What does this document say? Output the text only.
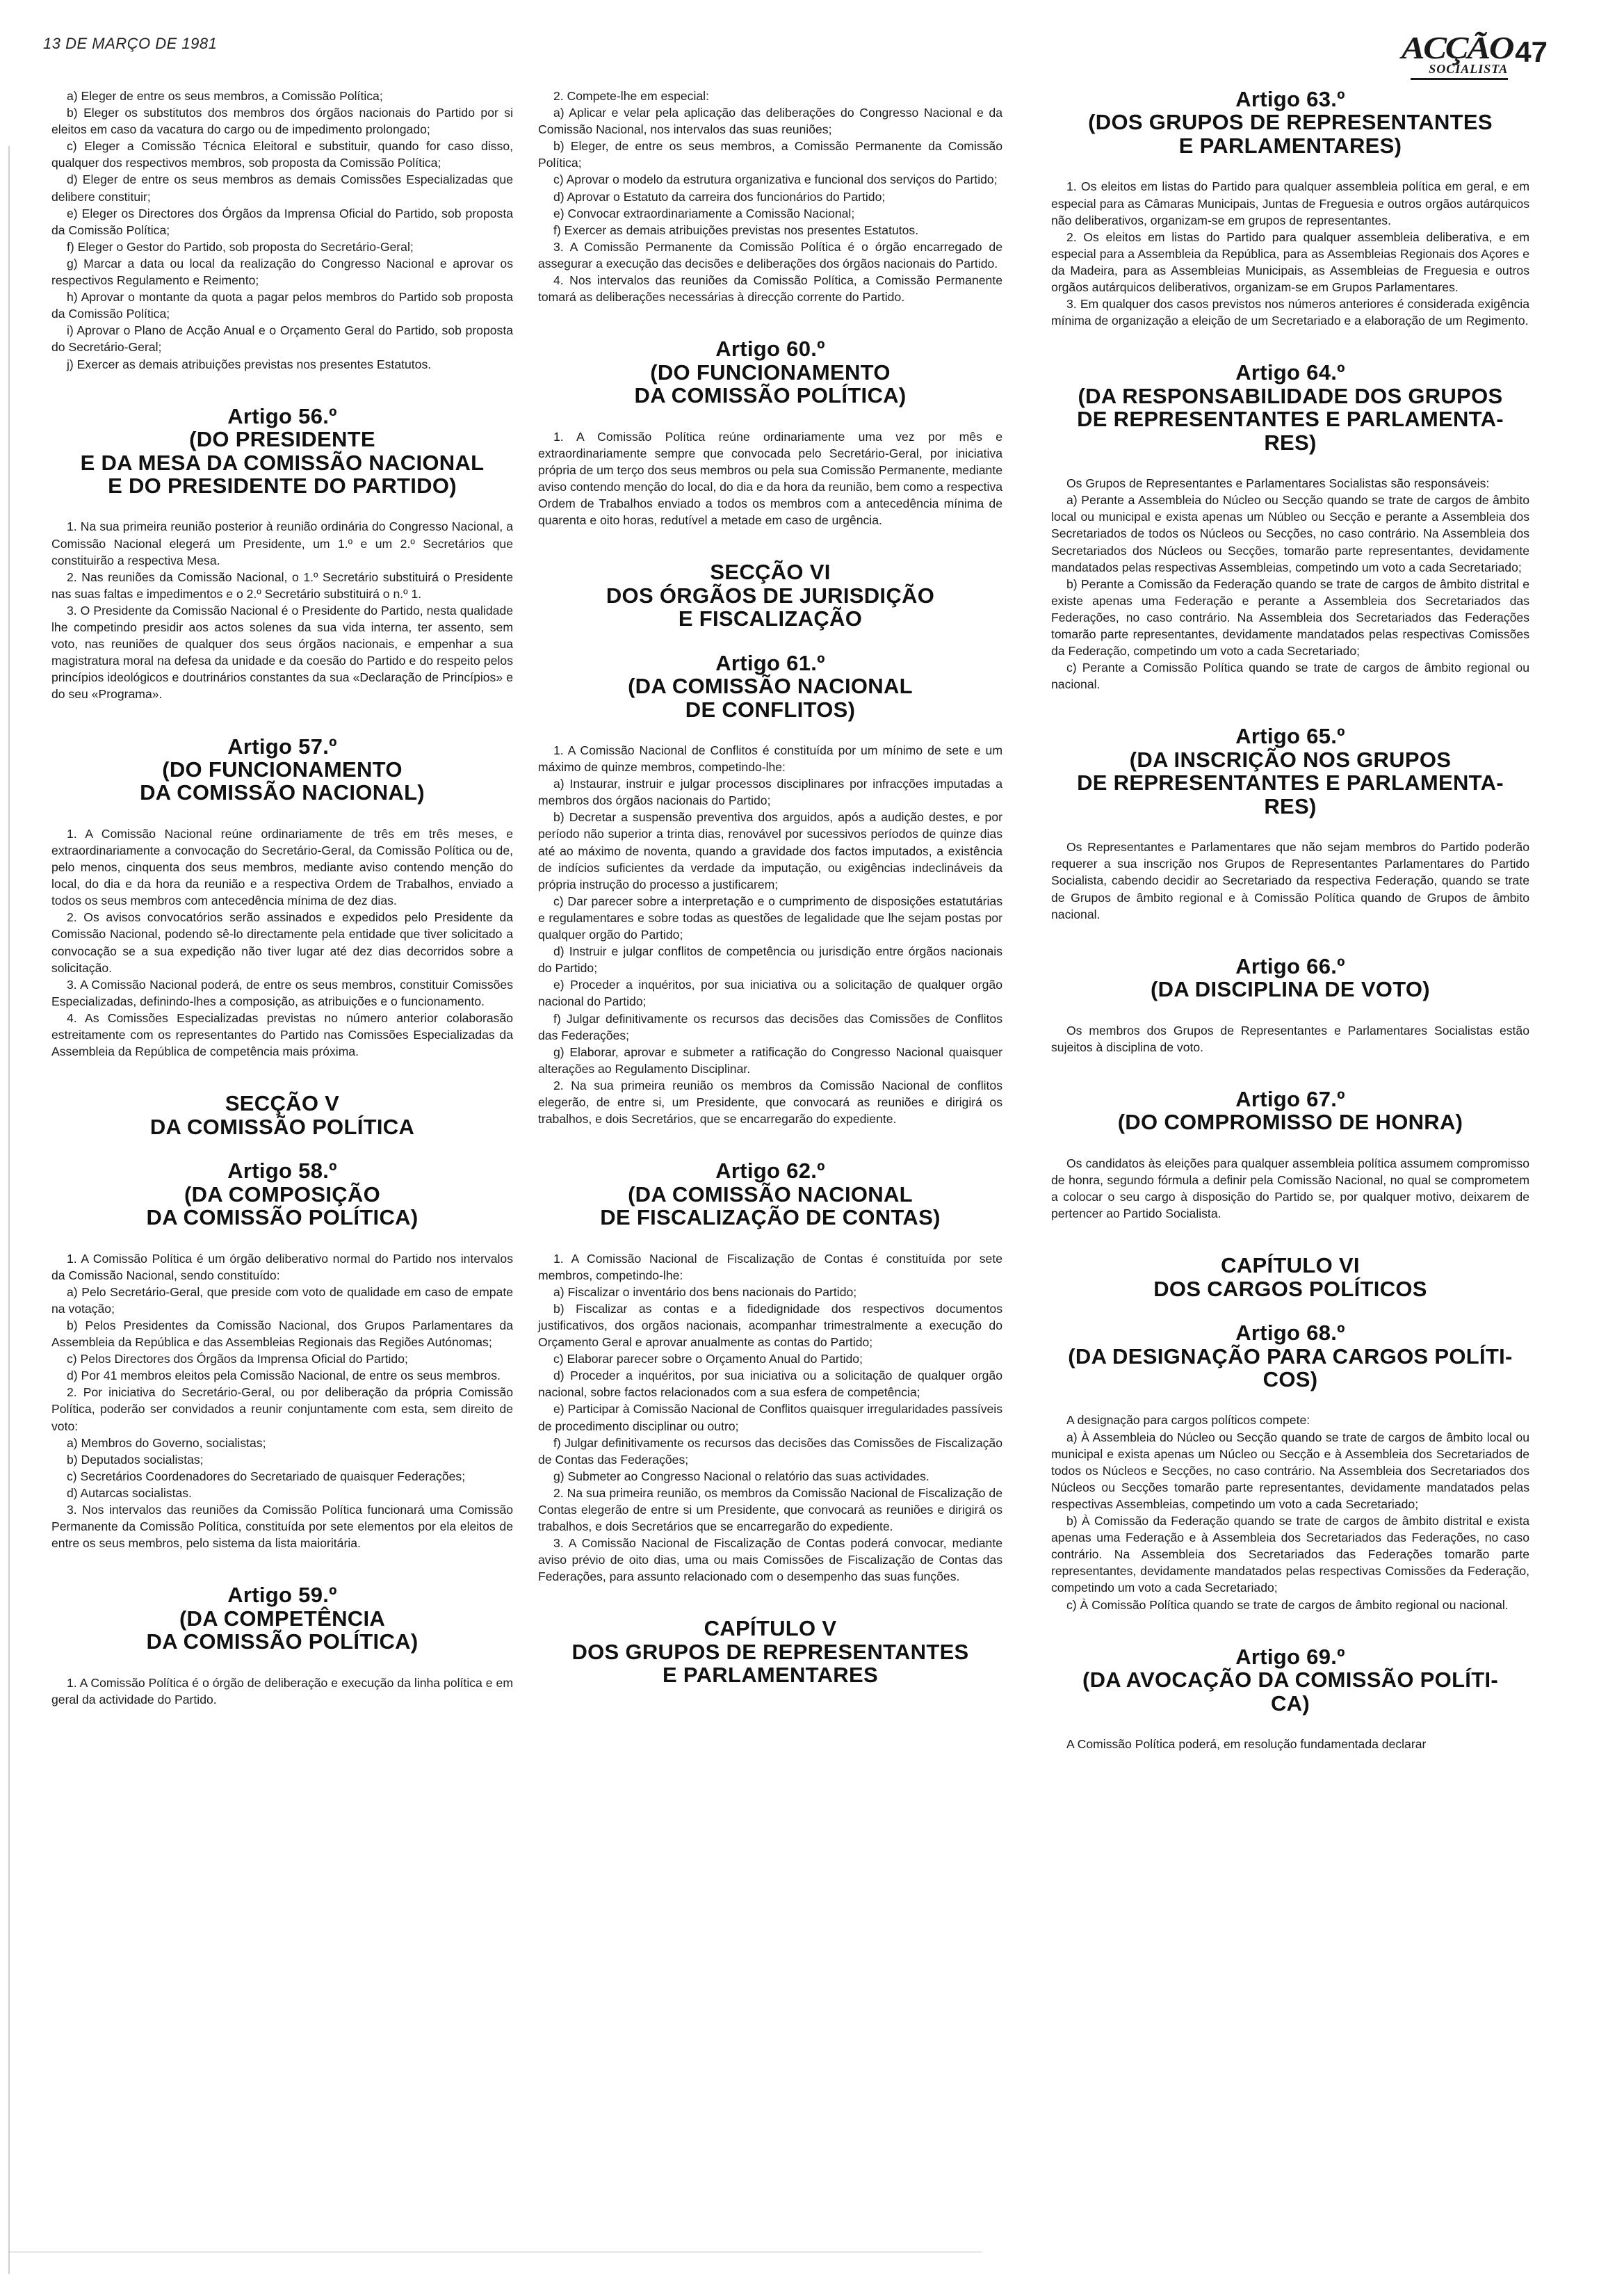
13 DE MARÇO DE 1981	ACÇÃO
SOCIALISTA
47

a) Eleger de entre os seus membros, a Comissão Política;

b) Eleger os substitutos dos membros dos órgãos nacionais do Partido por si eleitos em caso da vacatura do cargo ou de impedimento prolongado;

c) Eleger a Comissão Técnica Eleitoral e substituir, quando for caso disso, qualquer dos respectivos membros, sob proposta da Comissão Política;

d) Eleger de entre os seus membros as demais Comissões Especializadas que delibere constituir;

e) Eleger os Directores dos Órgãos da Imprensa Oficial do Partido, sob proposta da Comissão Política;

f) Eleger o Gestor do Partido, sob proposta do Secretário-Geral;

g) Marcar a data ou local da realização do Congresso Nacional e aprovar os respectivos Regulamento e Reimento;

h) Aprovar o montante da quota a pagar pelos membros do Partido sob proposta da Comissão Política;

i) Aprovar o Plano de Acção Anual e o Orçamento Geral do Partido, sob proposta do Secretário-Geral;

j) Exercer as demais atribuições previstas nos presentes Estatutos.

Artigo 56.º
(DO PRESIDENTE
E DA MESA DA COMISSÃO NACIONAL
E DO PRESIDENTE DO PARTIDO)

1. Na sua primeira reunião posterior à reunião ordinária do Congresso Nacional, a Comissão Nacional elegerá um Presidente, um 1.º e um 2.º Secretários que constituirão a respectiva Mesa.

2. Nas reuniões da Comissão Nacional, o 1.º Secretário substituirá o Presidente nas suas faltas e impedimentos e o 2.º Secretário substituirá o n.º 1.

3. O Presidente da Comissão Nacional é o Presidente do Partido, nesta qualidade lhe competindo presidir aos actos solenes da sua vida interna, ter assento, sem voto, nas reuniões de qualquer dos seus órgãos nacionais, e empenhar a sua magistratura moral na defesa da unidade e da coesão do Partido e do respeito pelos princípios ideológicos e doutrinários constantes da sua «Declaração de Princípios» e do seu «Programa».

Artigo 57.º
(DO FUNCIONAMENTO
DA COMISSÃO NACIONAL)

1. A Comissão Nacional reúne ordinariamente de três em três meses, e extraordinariamente a convocação do Secretário-Geral, da Comissão Política ou de, pelo menos, cinquenta dos seus membros, mediante aviso contendo menção do local, do dia e da hora da reunião e a respectiva Ordem de Trabalhos, enviado a todos os seus membros com antecedência mínima de dez dias.

2. Os avisos convocatórios serão assinados e expedidos pelo Presidente da Comissão Nacional, podendo sê-lo directamente pela entidade que tiver solicitado a convocação se a sua expedição não tiver lugar até dez dias decorridos sobre a solicitação.

3. A Comissão Nacional poderá, de entre os seus membros, constituir Comissões Especializadas, definindo-lhes a composição, as atribuições e o funcionamento.

4. As Comissões Especializadas previstas no número anterior colaborasão estreitamente com os representantes do Partido nas Comissões Especializadas da Assembleia da República de competência mais próxima.

SECÇÃO V
DA COMISSÃO POLÍTICA
Artigo 58.º
(DA COMPOSIÇÃO
DA COMISSÃO POLÍTICA)

1. A Comissão Política é um órgão deliberativo normal do Partido nos intervalos da Comissão Nacional, sendo constituído:

a) Pelo Secretário-Geral, que preside com voto de qualidade em caso de empate na votação;

b) Pelos Presidentes da Comissão Nacional, dos Grupos Parlamentares da Assembleia da República e das Assembleias Regionais das Regiões Autónomas;

c) Pelos Directores dos Órgãos da Imprensa Oficial do Partido;

d) Por 41 membros eleitos pela Comissão Nacional, de entre os seus membros.

2. Por iniciativa do Secretário-Geral, ou por deliberação da própria Comissão Política, poderão ser convidados a reunir conjuntamente com esta, sem direito de voto:

a) Membros do Governo, socialistas;

b) Deputados socialistas;

c) Secretários Coordenadores do Secretariado de quaisquer Federações;

d) Autarcas socialistas.

3. Nos intervalos das reuniões da Comissão Política funcionará uma Comissão Permanente da Comissão Política, constituída por sete elementos por ela eleitos de entre os seus membros, pelo sistema da lista maioritária.

Artigo 59.º
(DA COMPETÊNCIA
DA COMISSÃO POLÍTICA)

1. A Comissão Política é o órgão de deliberação e execução da linha política e em geral da actividade do Partido.

2. Compete-lhe em especial:

a) Aplicar e velar pela aplicação das deliberações do Congresso Nacional e da Comissão Nacional, nos intervalos das suas reuniões;

b) Eleger, de entre os seus membros, a Comissão Permanente da Comissão Política;

c) Aprovar o modelo da estrutura organizativa e funcional dos serviços do Partido;

d) Aprovar o Estatuto da carreira dos funcionários do Partido;

e) Convocar extraordinariamente a Comissão Nacional;

f) Exercer as demais atribuições previstas nos presentes Estatutos.

3. A Comissão Permanente da Comissão Política é o órgão encarregado de assegurar a execução das decisões e deliberações dos órgãos nacionais do Partido.

4. Nos intervalos das reuniões da Comissão Política, a Comissão Permanente tomará as deliberações necessárias à direcção corrente do Partido.

Artigo 60.º
(DO FUNCIONAMENTO
DA COMISSÃO POLÍTICA)

1. A Comissão Política reúne ordinariamente uma vez por mês e extraordinariamente sempre que convocada pelo Secretário-Geral, por iniciativa própria de um terço dos seus membros ou pela sua Comissão Permanente, mediante aviso contendo menção do local, do dia e da hora da reunião, bem como a respectiva Ordem de Trabalhos enviado a todos os membros com a antecedência mínima de quarenta e oito horas, redutível a metade em caso de urgência.

SECÇÃO VI
DOS ÓRGÃOS DE JURISDIÇÃO
E FISCALIZAÇÃO
Artigo 61.º
(DA COMISSÃO NACIONAL
DE CONFLITOS)

1. A Comissão Nacional de Conflitos é constituída por um mínimo de sete e um máximo de quinze membros, competindo-lhe:

a) Instaurar, instruir e julgar processos disciplinares por infracções imputadas a membros dos órgãos nacionais do Partido;

b) Decretar a suspensão preventiva dos arguidos, após a audição destes, e por período não superior a trinta dias, renovável por sucessivos períodos de quinze dias até ao máximo de noventa, quando a gravidade dos factos imputados, a existência de indícios suficientes da verdade da imputação, ou exigências indeclináveis da própria instrução do processo a justificarem;

c) Dar parecer sobre a interpretação e o cumprimento de disposições estatutárias e regulamentares e sobre todas as questões de legalidade que lhe sejam postas por qualquer orgão do Partido;

d) Instruir e julgar conflitos de competência ou jurisdição entre órgãos nacionais do Partido;

e) Proceder a inquéritos, por sua iniciativa ou a solicitação de qualquer orgão nacional do Partido;

f) Julgar definitivamente os recursos das decisões das Comissões de Conflitos das Federações;

g) Elaborar, aprovar e submeter a ratificação do Congresso Nacional quaisquer alterações ao Regulamento Disciplinar.

2. Na sua primeira reunião os membros da Comissão Nacional de conflitos elegerão, de entre si, um Presidente, que convocará as reuniões e dirigirá os trabalhos, e dois Secretários, que se encarregarão do expediente.

Artigo 62.º
(DA COMISSÃO NACIONAL
DE FISCALIZAÇÃO DE CONTAS)

1. A Comissão Nacional de Fiscalização de Contas é constituída por sete membros, competindo-lhe:

a) Fiscalizar o inventário dos bens nacionais do Partido;

b) Fiscalizar as contas e a fidedignidade dos respectivos documentos justificativos, dos orgãos nacionais, acompanhar trimestralmente a execução do Orçamento Geral e aprovar anualmente as contas do Partido;

c) Elaborar parecer sobre o Orçamento Anual do Partido;

d) Proceder a inquéritos, por sua iniciativa ou a solicitação de qualquer orgão nacional, sobre factos relacionados com a sua esfera de competência;

e) Participar à Comissão Nacional de Conflitos quaisquer irregularidades passíveis de procedimento disciplinar ou outro;

f) Julgar definitivamente os recursos das decisões das Comissões de Fiscalização de Contas das Federações;

g) Submeter ao Congresso Nacional o relatório das suas actividades.

2. Na sua primeira reunião, os membros da Comissão Nacional de Fiscalização de Contas elegerão de entre si um Presidente, que convocará as reuniões e dirigirá os trabalhos, e dois Secretários que se encarregarão do expediente.

3. A Comissão Nacional de Fiscalização de Contas poderá convocar, mediante aviso prévio de oito dias, uma ou mais Comissões de Fiscalização de Contas das Federações, para assunto relacionado com o desempenho das suas funções.

CAPÍTULO V
DOS GRUPOS DE REPRESENTANTES
E PARLAMENTARES
Artigo 63.º
(DOS GRUPOS DE REPRESENTANTES
E PARLAMENTARES)

1. Os eleitos em listas do Partido para qualquer assembleia política em geral, e em especial para as Câmaras Municipais, Juntas de Freguesia e outros orgãos autárquicos não deliberativos, organizam-se em grupos de representantes.

2. Os eleitos em listas do Partido para qualquer assembleia deliberativa, e em especial para a Assembleia da República, para as Assembleias Regionais dos Açores e da Madeira, para as Assembleias Municipais, as Assembleias de Freguesia e outros orgãos autárquicos deliberativos, organizam-se em Grupos Parlamentares.

3. Em qualquer dos casos previstos nos números anteriores é considerada exigência mínima de organização a eleição de um Secretariado e a elaboração de um Regimento.

Artigo 64.º
(DA RESPONSABILIDADE DOS GRUPOS
DE REPRESENTANTES E PARLAMENTA-
RES)

Os Grupos de Representantes e Parlamentares Socialistas são responsáveis:

a) Perante a Assembleia do Núcleo ou Secção quando se trate de cargos de âmbito local ou municipal e exista apenas um Núbleo ou Secção e perante a Assembleia dos Secretariados de todos os Núcleos ou Secções, no caso contrário. Na Assembleia dos Secretariados dos Núcleos ou Secções, tomarão parte representantes, devidamente mandatados pelas respectivas Assembleias, competindo um voto a cada Secretariado;

b) Perante a Comissão da Federação quando se trate de cargos de âmbito distrital e existe apenas uma Federação e perante a Assembleia dos Secretariados das Federações, no caso contrário. Na Assembleia dos Secretariados das Federações tomarão parte representantes, devidamente mandatados pelas respectivas Comissões da Federação, competindo um voto a cada Secretariado;

c) Perante a Comissão Política quando se trate de cargos de âmbito regional ou nacional.

Artigo 65.º
(DA INSCRIÇÃO NOS GRUPOS
DE REPRESENTANTES E PARLAMENTA-
RES)

Os Representantes e Parlamentares que não sejam membros do Partido poderão requerer a sua inscrição nos Grupos de Representantes Parlamentares do Partido Socialista, cabendo decidir ao Secretariado da respectiva Federação, quando se trate de Grupos de âmbito regional e à Comissão Política quando de Grupos de âmbito nacional.

Artigo 66.º
(DA DISCIPLINA DE VOTO)

Os membros dos Grupos de Representantes e Parlamentares Socialistas estão sujeitos à disciplina de voto.

Artigo 67.º
(DO COMPROMISSO DE HONRA)

Os candidatos às eleições para qualquer assembleia política assumem compromisso de honra, segundo fórmula a definir pela Comissão Nacional, no qual se comprometem a colocar o seu cargo à disposição do Partido se, por qualquer motivo, deixarem de pertencer ao Partido Socialista.

CAPÍTULO VI
DOS CARGOS POLÍTICOS
Artigo 68.º
(DA DESIGNAÇÃO PARA CARGOS POLÍTI-
COS)

A designação para cargos políticos compete:

a) À Assembleia do Núcleo ou Secção quando se trate de cargos de âmbito local ou municipal e exista apenas um Núcleo ou Secção e à Assembleia dos Secretariados de todos os Núcleos e Secções, no caso contrário. Na Assembleia dos Secretariados dos Núcleos ou Secções tomarão parte representantes, devidamente mandatados pelas respectivas Assembleias, competindo um voto a cada Secretariado;

b) À Comissão da Federação quando se trate de cargos de âmbito distrital e exista apenas uma Federação e à Assembleia dos Secretariados das Federações, no caso contrário. Na Assembleia dos Secretariados das Federações tomarão parte representantes, devidamente mandatados pelas respectivas Comissões da Federação, competindo um voto a cada Secretariado;

c) À Comissão Política quando se trate de cargos de âmbito regional ou nacional.

Artigo 69.º
(DA AVOCAÇÃO DA COMISSÃO POLÍTI-
CA)

A Comissão Política poderá, em resolução fundamentada declarar
